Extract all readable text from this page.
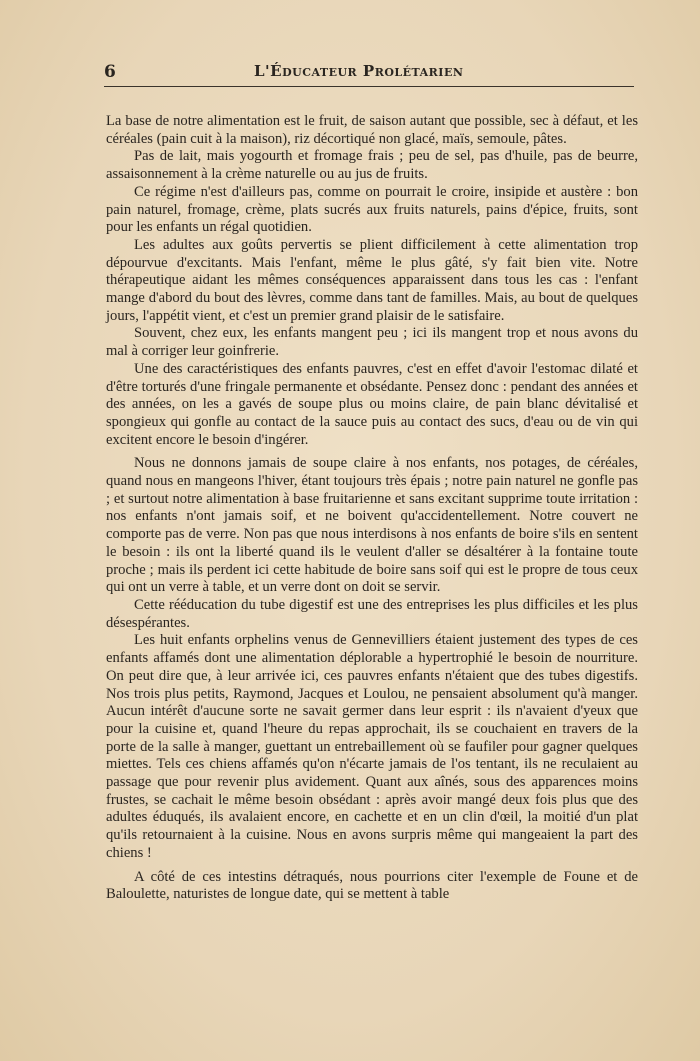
6	L'Éducateur Prolétarien

La base de notre alimentation est le fruit, de saison autant que possible, sec à défaut, et les céréales (pain cuit à la maison), riz décortiqué non glacé, maïs, semoule, pâtes.

Pas de lait, mais yogourth et fromage frais ; peu de sel, pas d'huile, pas de beurre, assaisonnement à la crème naturelle ou au jus de fruits.

Ce régime n'est d'ailleurs pas, comme on pourrait le croire, insipide et austère : bon pain naturel, fromage, crème, plats sucrés aux fruits naturels, pains d'épice, fruits, sont pour les enfants un régal quotidien.

Les adultes aux goûts pervertis se plient difficilement à cette alimentation trop dépourvue d'excitants. Mais l'enfant, même le plus gâté, s'y fait bien vite. Notre thérapeutique aidant les mêmes conséquences apparaissent dans tous les cas : l'enfant mange d'abord du bout des lèvres, comme dans tant de familles. Mais, au bout de quelques jours, l'appétit vient, et c'est un premier grand plaisir de le satisfaire.

Souvent, chez eux, les enfants mangent peu ; ici ils mangent trop et nous avons du mal à corriger leur goinfrerie.

Une des caractéristiques des enfants pauvres, c'est en effet d'avoir l'estomac dilaté et d'être torturés d'une fringale permanente et obsédante. Pensez donc : pendant des années et des années, on les a gavés de soupe plus ou moins claire, de pain blanc dévitalisé et spongieux qui gonfle au contact de la sauce puis au contact des sucs, d'eau ou de vin qui excitent encore le besoin d'ingérer.

Nous ne donnons jamais de soupe claire à nos enfants, nos potages, de céréales, quand nous en mangeons l'hiver, étant toujours très épais ; notre pain naturel ne gonfle pas ; et surtout notre alimentation à base fruitarienne et sans excitant supprime toute irritation : nos enfants n'ont jamais soif, et ne boivent qu'accidentellement. Notre couvert ne comporte pas de verre. Non pas que nous interdisons à nos enfants de boire s'ils en sentent le besoin : ils ont la liberté quand ils le veulent d'aller se désaltérer à la fontaine toute proche ; mais ils perdent ici cette habitude de boire sans soif qui est le propre de tous ceux qui ont un verre à table, et un verre dont on doit se servir.

Cette rééducation du tube digestif est une des entreprises les plus difficiles et les plus désespérantes.

Les huit enfants orphelins venus de Gennevilliers étaient justement des types de ces enfants affamés dont une alimentation déplorable a hypertrophié le besoin de nourriture. On peut dire que, à leur arrivée ici, ces pauvres enfants n'étaient que des tubes digestifs. Nos trois plus petits, Raymond, Jacques et Loulou, ne pensaient absolument qu'à manger. Aucun intérêt d'aucune sorte ne savait germer dans leur esprit : ils n'avaient d'yeux que pour la cuisine et, quand l'heure du repas approchait, ils se couchaient en travers de la porte de la salle à manger, guettant un entrebaillement où se faufiler pour gagner quelques miettes. Tels ces chiens affamés qu'on n'écarte jamais de l'os tentant, ils ne reculaient au passage que pour revenir plus avidement. Quant aux aînés, sous des apparences moins frustes, se cachait le même besoin obsédant : après avoir mangé deux fois plus que des adultes éduqués, ils avalaient encore, en cachette et en un clin d'œil, la moitié d'un plat qu'ils retournaient à la cuisine. Nous en avons surpris même qui mangeaient la part des chiens !

A côté de ces intestins détraqués, nous pourrions citer l'exemple de Foune et de Baloulette, naturistes de longue date, qui se mettent à table
